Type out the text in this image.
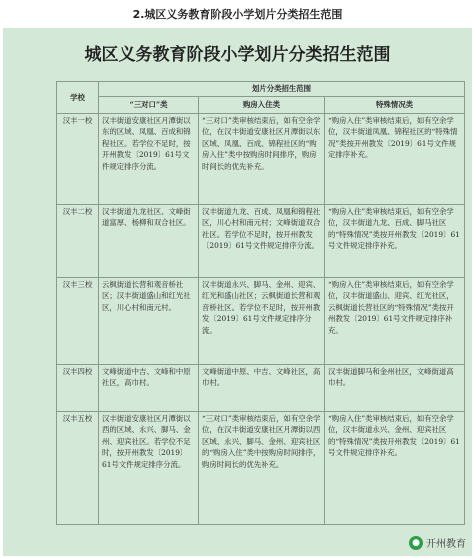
2.城区义务教育阶段小学划片分类招生范围
城区义务教育阶段小学划片分类招生范围
学校	划片分类招生范围		
	“三对口”类	购房入住类	特殊情况类
汉丰一校	汉丰街道安康社区月潭街以东的区域、凤凰、百成和锦程社区。若学位不足时，按开州教发〔2019〕61号文件规定排序分流。	“三对口”类审核结束后，如有空余学位，在汉丰街道安康社区月潭街以东区域、凤凰、百成、锦程社区的“购房入住”类中按购房时间排序，购房时间长的优先补充。	“购房入住”类审核结束后，如有空余学位，汉丰街道凤凰、锦程社区的“特殊情况”类按开州教发〔2019〕61号文件规定排序补充。
汉丰二校	汉丰街道九龙社区、文峰街道富厚、杨柳和双合社区。	汉丰街道九龙、百成、凤凰和锦程社区，川心村和南元村；文峰街道双合社区。若学位不足时，按开州教发〔2019〕61号文件规定排序分流。	“购房入住”类审核结束后，如有空余学位，汉丰街道九龙、百成、脚马社区的“特殊情况”类按开州教发〔2019〕61号文件规定排序补充。
汉丰三校	云枫街道长营和观音桥社区；汉丰街道盛山和红光社区，川心村和南元村。	汉丰街道永兴、脚马、金州、迎宾、红光和盛山社区；云枫街道长营和观音桥社区。若学位不足时，按开州教发〔2019〕61号文件规定排序分流。	“购房入住”类审核结束后，如有空余学位，汉丰街道盛山、迎宾、红光社区，云枫街道长营社区的“特殊情况”类按开州教发〔2019〕61号文件规定排序补充。
汉丰四校	文峰街道中吉、文峰和中原社区，高巾村。	文峰街道中原、中吉、文峰社区，高巾村。	汉丰街道脚马和金州社区，文峰街道高巾村。
汉丰五校	汉丰街道安康社区月潭街以西的区域、永兴、脚马、金州、迎宾社区。若学位不足时，按开州教发〔2019〕61号文件规定排序分流。	“三对口”类审核结束后，如有空余学位，在汉丰街道安康社区月潭街以西区域、永兴、脚马、金州、迎宾社区的“购房入住”类中按购房时间排序，购房时间长的优先补充。	“购房入住”类审核结束后，如有空余学位，汉丰街道永兴、金州、迎宾社区的“特殊情况”类按开州教发〔2019〕61号文件规定排序补充。
● 开州教育
